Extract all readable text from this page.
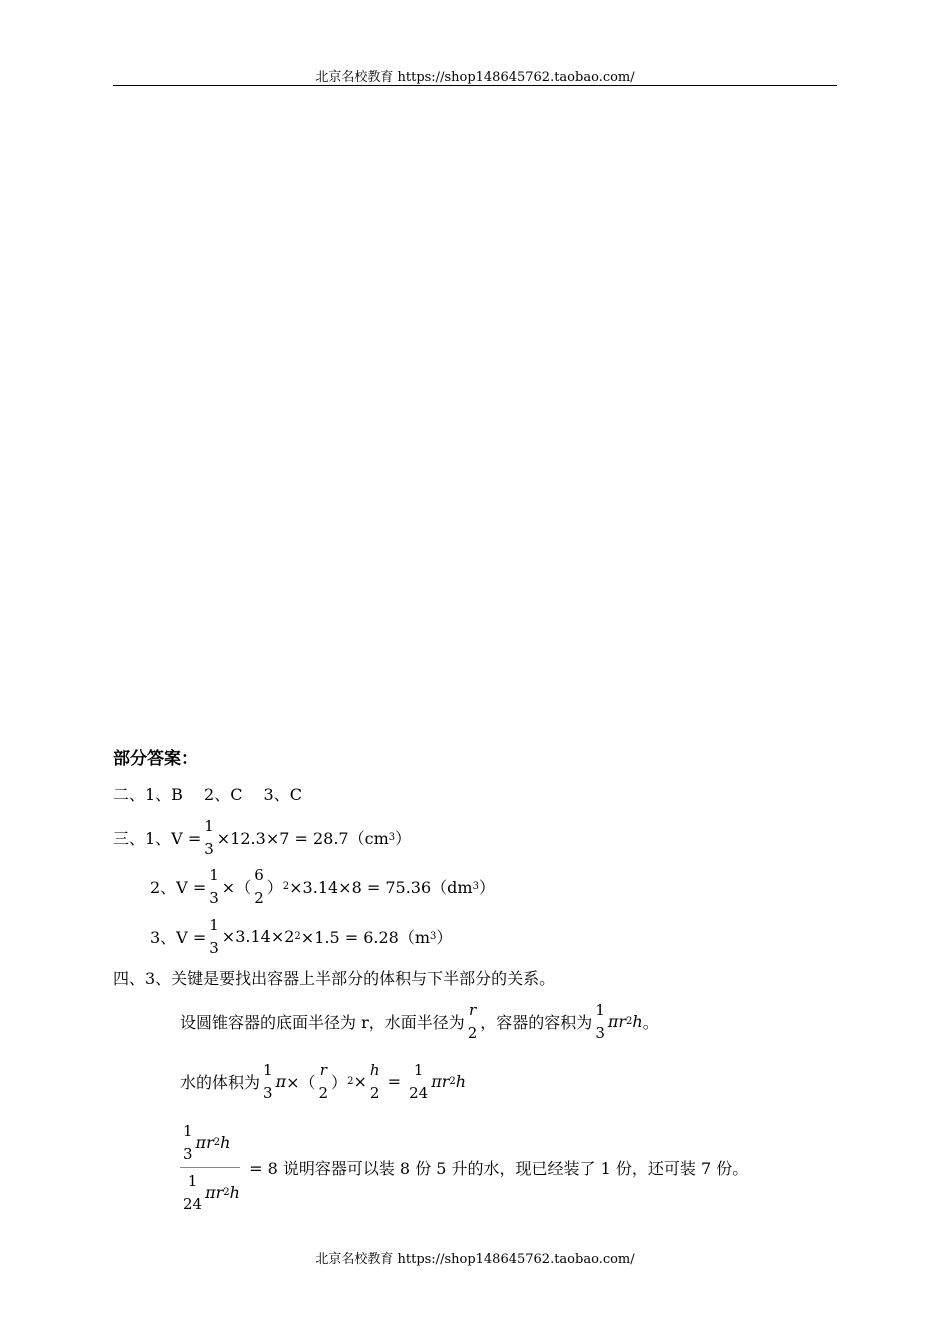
北京名校教育 https://shop148645762.taobao.com/
部分答案：
二、1、B　 2、C　 3、C
三、1、V =
1
3
×12.3×7 = 28.7（cm 3 ）
2、V =
1
3
×（
6
2
） 2 ×3.14×8 = 75.36（dm 3 ）
3、V =
1
3
×3.14×2 2 ×1.5 = 6.28（m 3 ）
四、3、关键是要找出容器上半部分的体积与下半部分的关系。
设圆锥容器的底面半径为 r，水面半径为
r
2
，容器的容积为
1
3
πr 2 h 。
水的体积为
1
3
π ×（
r
2
） 2 ×
h
2
=
1
24
πr 2 h
1
3
πr 2 h
1
24
πr 2 h
= 8 说明容器可以装 8 份 5 升的水，现已经装了 1 份，还可装 7 份。
北京名校教育 https://shop148645762.taobao.com/
